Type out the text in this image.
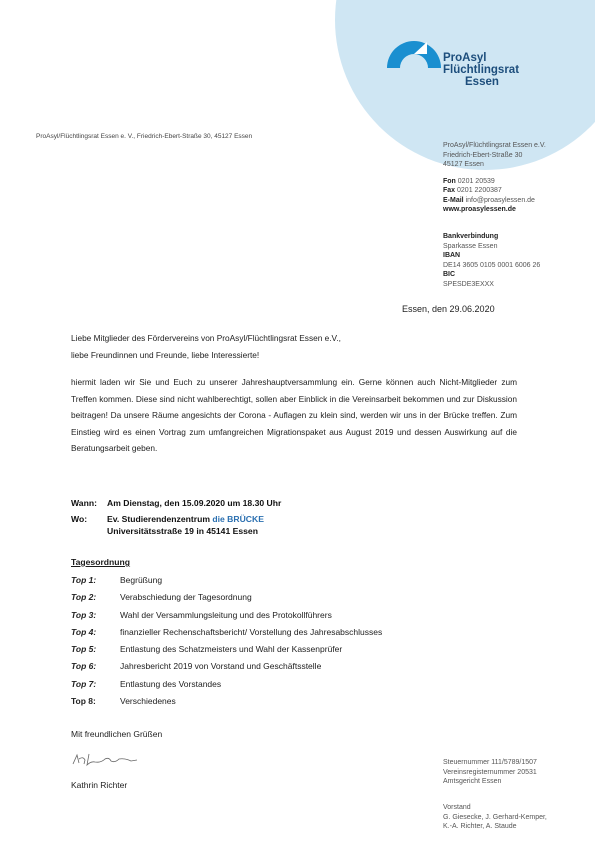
ProAsyl
Flüchtlingsrat
Essen
ProAsyl/Flüchtlingsrat Essen e. V., Friedrich-Ebert-Straße 30, 45127 Essen
ProAsyl/Flüchtlingsrat Essen e.V.
Friedrich-Ebert-Straße 30
45127 Essen
Fon 0201 20539
Fax 0201 2200387
E-Mail info@proasylessen.de
www.proasylessen.de
Bankverbindung
Sparkasse Essen
IBAN
DE14 3605 0105 0001 6006 26
BIC
SPESDE3EXXX
Essen, den 29.06.2020
Liebe Mitglieder des Fördervereins von ProAsyl/Flüchtlingsrat Essen e.V.,
liebe Freundinnen und Freunde, liebe Interessierte!
hiermit laden wir Sie und Euch zu unserer Jahreshauptversammlung ein. Gerne können auch Nicht-Mitglieder zum Treffen kommen. Diese sind nicht wahlberechtigt, sollen aber Einblick in die Vereinsarbeit bekommen und zur Diskussion beitragen! Da unsere Räume angesichts der Corona - Auflagen zu klein sind, werden wir uns in der Brücke treffen. Zum Einstieg wird es einen Vortrag zum umfangreichen Migrationspaket aus August 2019 und dessen Auswirkung auf die Beratungsarbeit geben.
Wann: Am Dienstag, den 15.09.2020 um 18.30 Uhr
Wo: Ev. Studierendenzentrum die BRÜCKE
Universitätsstraße 19 in 45141 Essen
Tagesordnung
Top 1:	Begrüßung
Top 2:	Verabschiedung der Tagesordnung
Top 3:	Wahl der Versammlungsleitung und des Protokollführers
Top 4:	finanzieller Rechenschaftsbericht/ Vorstellung des Jahresabschlusses
Top 5:	Entlastung des Schatzmeisters und Wahl der Kassenprüfer
Top 6:	Jahresbericht 2019 von Vorstand und Geschäftsstelle
Top 7:	Entlastung des Vorstandes
Top 8:	Verschiedenes
Mit freundlichen Grüßen
Kathrin Richter
Steuernummer 111/5789/1507
Vereinsregisternummer 20531
Amtsgericht Essen
Vorstand
G. Giesecke, J. Gerhard-Kemper,
K.-A. Richter, A. Staude
